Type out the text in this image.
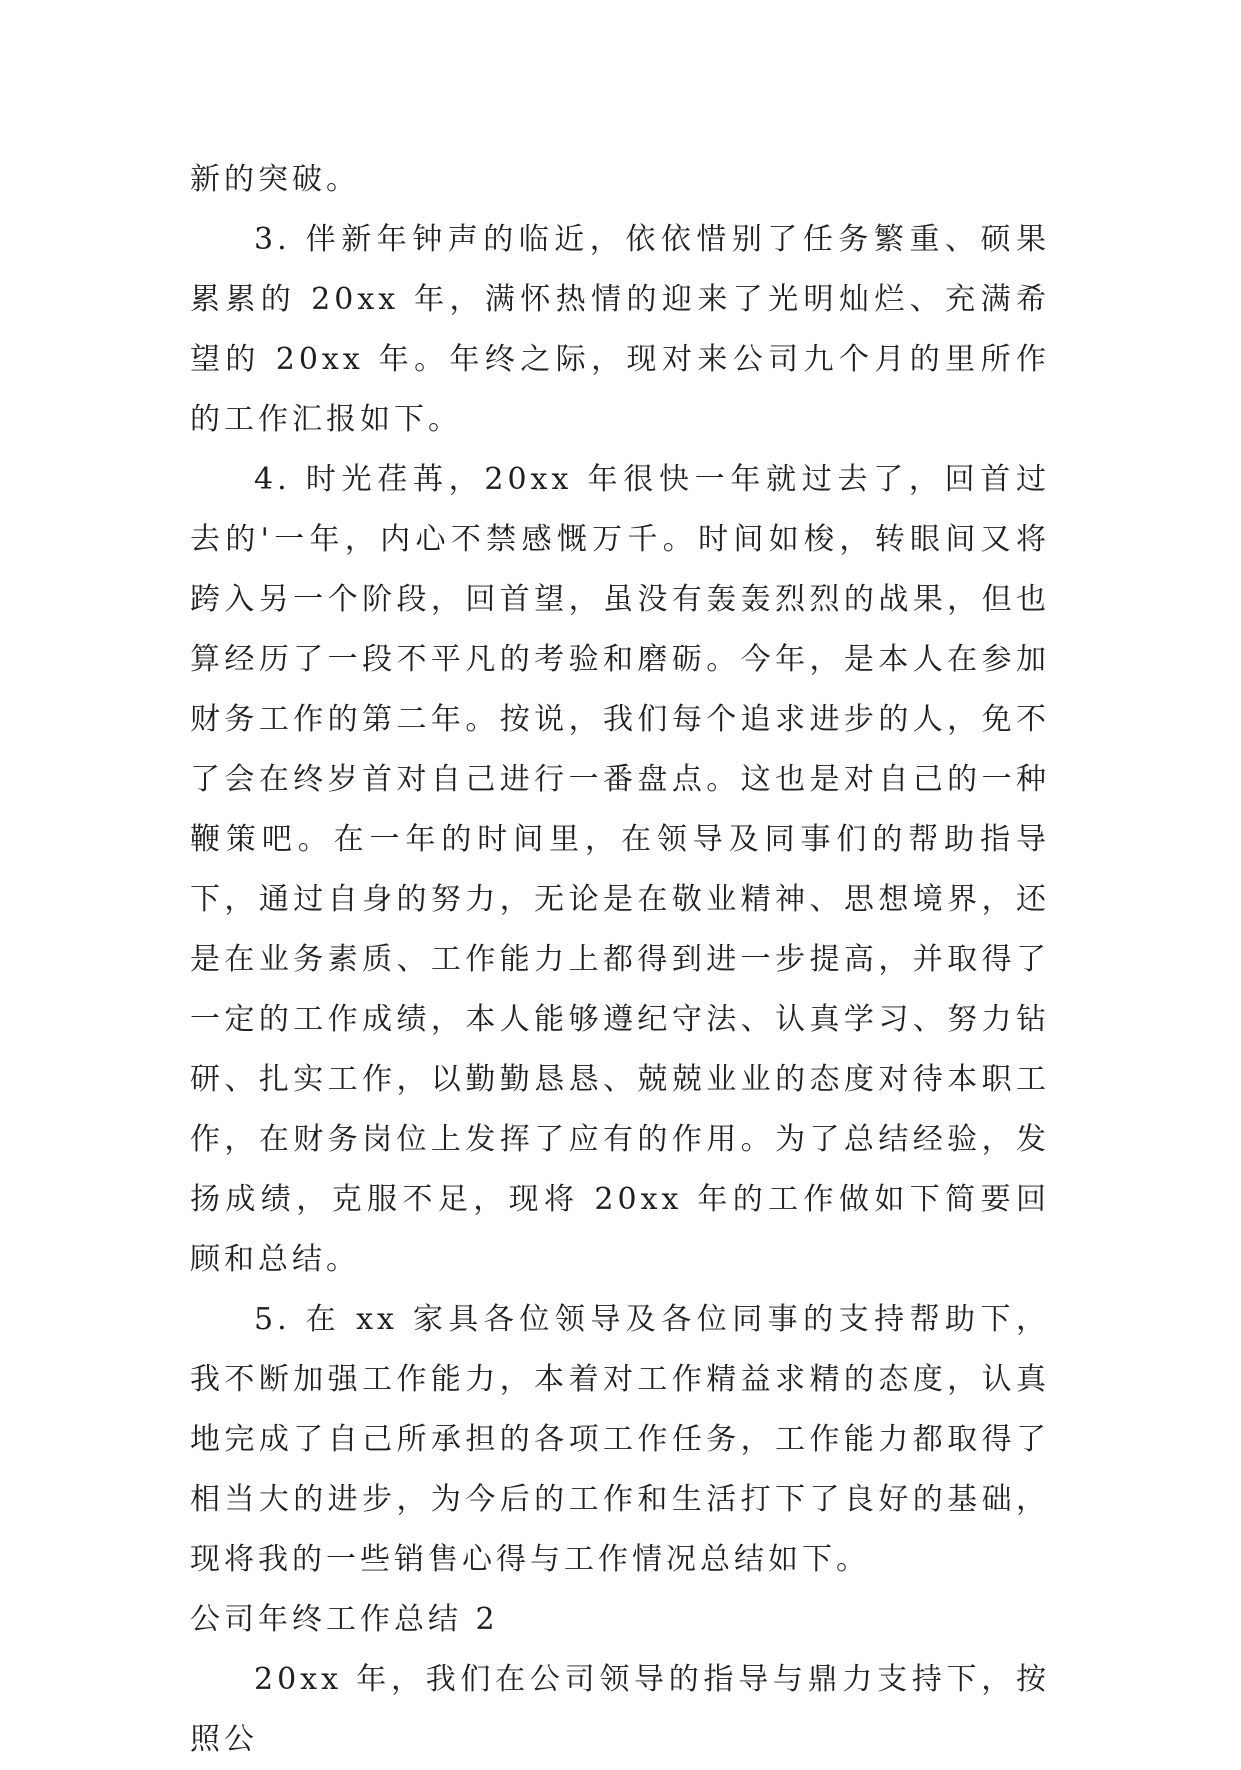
新的突破。

3. 伴新年钟声的临近，依依惜别了任务繁重、硕果累累的 20xx 年，满怀热情的迎来了光明灿烂、充满希望的 20xx 年。年终之际，现对来公司九个月的里所作的工作汇报如下。

4. 时光荏苒，20xx 年很快一年就过去了，回首过去的'一年，内心不禁感慨万千。时间如梭，转眼间又将跨入另一个阶段，回首望，虽没有轰轰烈烈的战果，但也算经历了一段不平凡的考验和磨砺。今年，是本人在参加财务工作的第二年。按说，我们每个追求进步的人，免不了会在终岁首对自己进行一番盘点。这也是对自己的一种鞭策吧。在一年的时间里，在领导及同事们的帮助指导下，通过自身的努力，无论是在敬业精神、思想境界，还是在业务素质、工作能力上都得到进一步提高，并取得了一定的工作成绩，本人能够遵纪守法、认真学习、努力钻研、扎实工作，以勤勤恳恳、兢兢业业的态度对待本职工作，在财务岗位上发挥了应有的作用。为了总结经验，发扬成绩，克服不足，现将 20xx 年的工作做如下简要回顾和总结。

5. 在 xx 家具各位领导及各位同事的支持帮助下，我不断加强工作能力，本着对工作精益求精的态度，认真地完成了自己所承担的各项工作任务，工作能力都取得了相当大的进步，为今后的工作和生活打下了良好的基础，现将我的一些销售心得与工作情况总结如下。

公司年终工作总结 2

20xx 年，我们在公司领导的指导与鼎力支持下，按照公
